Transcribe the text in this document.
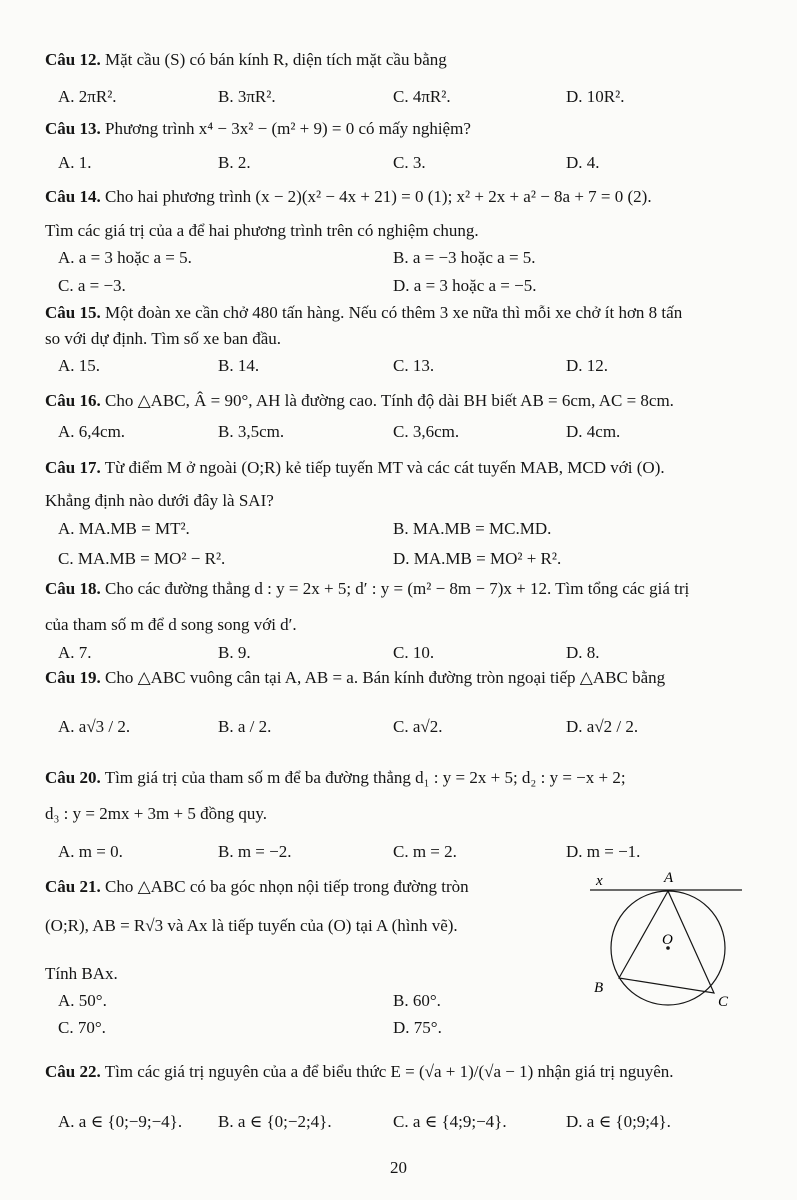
Câu 12. Mặt cầu (S) có bán kính R, diện tích mặt cầu bằng
A. 2πR².	B. 3πR².	C. 4πR².	D. 10R².
Câu 13. Phương trình x⁴ − 3x² − (m² + 9) = 0 có mấy nghiệm?
A. 1.	B. 2.	C. 3.	D. 4.
Câu 14. Cho hai phương trình (x − 2)(x² − 4x + 21) = 0 (1); x² + 2x + a² − 8a + 7 = 0 (2).
Tìm các giá trị của a để hai phương trình trên có nghiệm chung.
A. a = 3 hoặc a = 5.	B. a = −3 hoặc a = 5.
C. a = −3.	D. a = 3 hoặc a = −5.
Câu 15. Một đoàn xe cần chở 480 tấn hàng. Nếu có thêm 3 xe nữa thì mỗi xe chở ít hơn 8 tấn
so với dự định. Tìm số xe ban đầu.
A. 15.	B. 14.	C. 13.	D. 12.
Câu 16. Cho △ABC, Â = 90°, AH là đường cao. Tính độ dài BH biết AB = 6cm, AC = 8cm.
A. 6,4cm.	B. 3,5cm.	C. 3,6cm.	D. 4cm.
Câu 17. Từ điểm M ở ngoài (O;R) kẻ tiếp tuyến MT và các cát tuyến MAB, MCD với (O).
Khẳng định nào dưới đây là SAI?
A. MA.MB = MT².	B. MA.MB = MC.MD.
C. MA.MB = MO² − R².	D. MA.MB = MO² + R².
Câu 18. Cho các đường thẳng d : y = 2x + 5; d′ : y = (m² − 8m − 7)x + 12. Tìm tổng các giá trị
của tham số m để d song song với d′.
A. 7.	B. 9.	C. 10.	D. 8.
Câu 19. Cho △ABC vuông cân tại A, AB = a. Bán kính đường tròn ngoại tiếp △ABC bằng
A. a√3 / 2.	B. a / 2.	C. a√2.	D. a√2 / 2.
Câu 20. Tìm giá trị của tham số m để ba đường thẳng d₁ : y = 2x + 5; d₂ : y = −x + 2;
d₃ : y = 2mx + 3m + 5 đồng quy.
A. m = 0.	B. m = −2.	C. m = 2.	D. m = −1.
Câu 21. Cho △ABC có ba góc nhọn nội tiếp trong đường tròn
(O;R), AB = R√3 và Ax là tiếp tuyến của (O) tại A (hình vẽ).
Tính BAx.
A. 50°.	B. 60°.
C. 70°.	D. 75°.
x	A
O
B
C
Câu 22. Tìm các giá trị nguyên của a để biểu thức E = (√a + 1)/(√a − 1) nhận giá trị nguyên.
A. a ∈ {0;−9;−4}. B. a ∈ {0;−2;4}.	C. a ∈ {4;9;−4}.	D. a ∈ {0;9;4}.
20
